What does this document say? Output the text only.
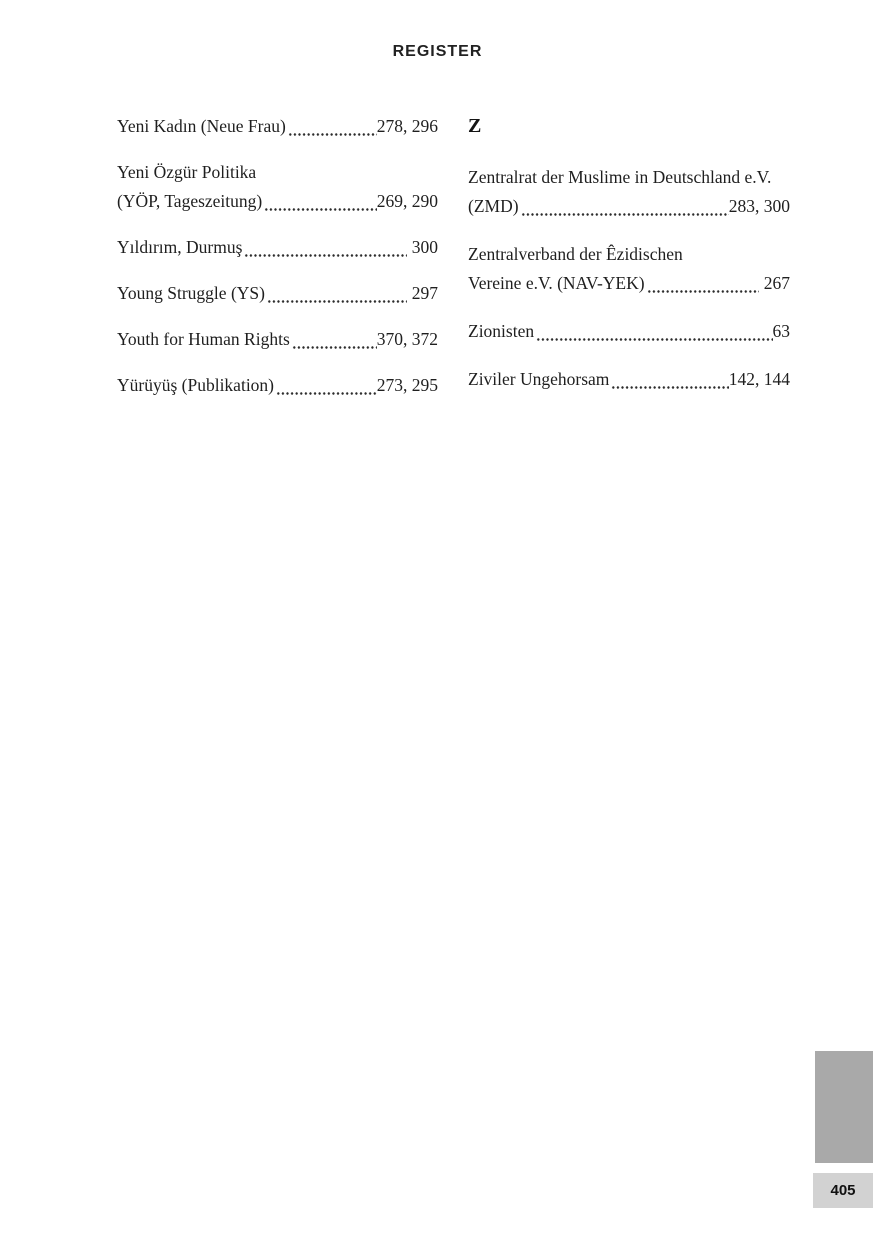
REGISTER
Yeni Kadın (Neue Frau)	278, 296
Yeni Özgür Politika
(YÖP, Tageszeitung)	269, 290
Yıldırım, Durmuş	300
Young Struggle (YS)	297
Youth for Human Rights	370, 372
Yürüyüş (Publikation)	273, 295
Z
Zentralrat der Muslime in Deutschland e.V.
(ZMD)	283, 300
Zentralverband der Êzidischen
Vereine e.V. (NAV-YEK)	267
Zionisten	63
Ziviler Ungehorsam	142, 144
405
